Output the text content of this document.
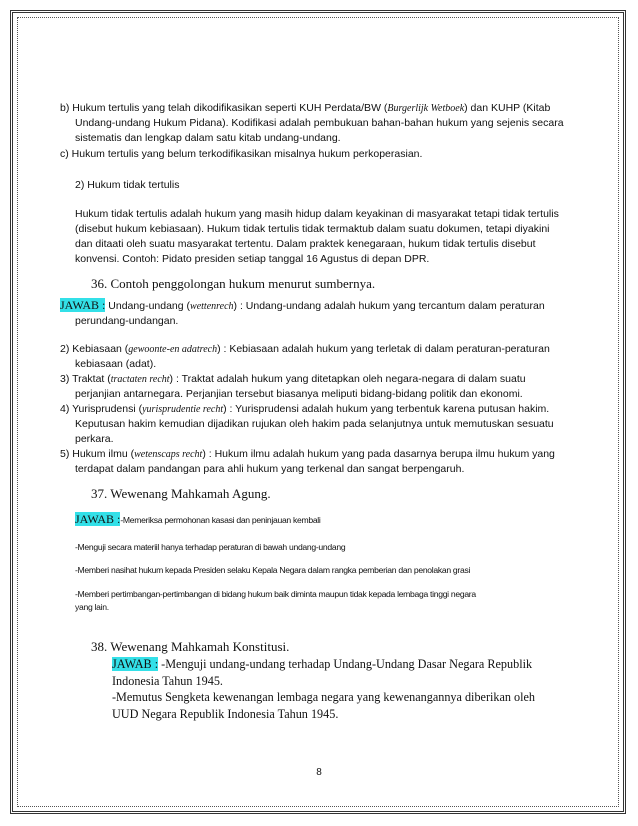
b) Hukum tertulis yang telah dikodifikasikan seperti KUH Perdata/BW (Burgerlijk Wetboek) dan KUHP (Kitab
Undang-undang Hukum Pidana). Kodifikasi adalah pembukuan bahan-bahan hukum yang sejenis secara
sistematis dan lengkap dalam satu kitab undang-undang.
c) Hukum tertulis yang belum terkodifikasikan misalnya hukum perkoperasian.
2) Hukum tidak tertulis
Hukum tidak tertulis adalah hukum yang masih hidup dalam keyakinan di masyarakat tetapi tidak tertulis
(disebut hukum kebiasaan). Hukum tidak tertulis tidak termaktub dalam suatu dokumen, tetapi diyakini
dan ditaati oleh suatu masyarakat tertentu. Dalam praktek kenegaraan, hukum tidak tertulis disebut
konvensi. Contoh: Pidato presiden setiap tanggal 16 Agustus di depan DPR.
36. Contoh penggolongan hukum menurut sumbernya.
JAWAB : Undang-undang (wettenrech) : Undang-undang adalah hukum yang tercantum dalam peraturan
perundang-undangan.
2) Kebiasaan (gewoonte-en adatrech) : Kebiasaan adalah hukum yang terletak di dalam peraturan-peraturan
kebiasaan (adat).
3) Traktat (tractaten recht) : Traktat adalah hukum yang ditetapkan oleh negara-negara di dalam suatu
perjanjian antarnegara. Perjanjian tersebut biasanya meliputi bidang-bidang politik dan ekonomi.
4) Yurisprudensi (yurisprudentie recht) : Yurisprudensi adalah hukum yang terbentuk karena putusan hakim.
Keputusan hakim kemudian dijadikan rujukan oleh hakim pada selanjutnya untuk memutuskan sesuatu
perkara.
5) Hukum ilmu (wetenscaps recht) : Hukum ilmu adalah hukum yang pada dasarnya berupa ilmu hukum yang
terdapat dalam pandangan para ahli hukum yang terkenal dan sangat berpengaruh.
37. Wewenang Mahkamah Agung.
JAWAB :-Memeriksa permohonan kasasi dan peninjauan kembali
-Menguji secara materiil hanya terhadap peraturan di bawah undang-undang
-Memberi nasihat hukum kepada Presiden selaku Kepala Negara dalam rangka pemberian dan penolakan grasi
-Memberi pertimbangan-pertimbangan di bidang hukum baik diminta maupun tidak kepada lembaga tinggi negara
yang lain.
38. Wewenang Mahkamah Konstitusi.
JAWAB : -Menguji undang-undang terhadap Undang-Undang Dasar Negara Republik
Indonesia Tahun 1945.
-Memutus Sengketa kewenangan lembaga negara yang kewenangannya diberikan oleh
UUD Negara Republik Indonesia Tahun 1945.
8
